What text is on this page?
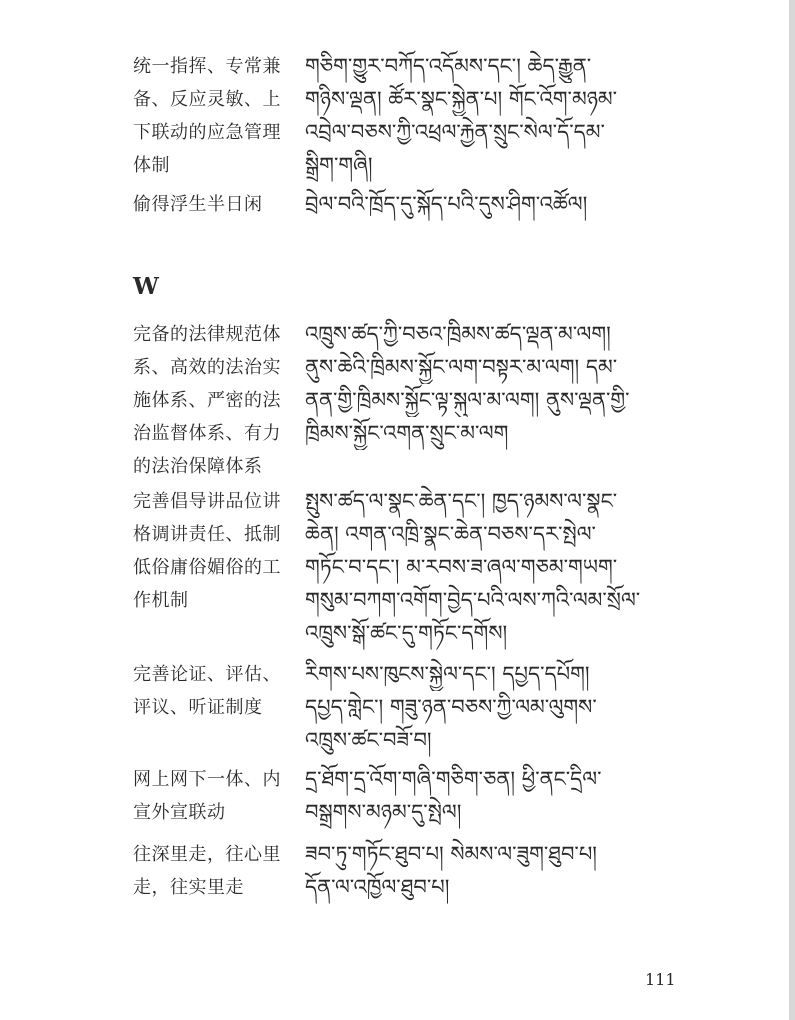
统一指挥、专常兼
备、反应灵敏、上
下联动的应急管理
体制

གཅིག་གྱུར་བཀོད་འདོམས་དང་། ཆེད་རྒྱུན་
གཉིས་ལྡན། ཚོར་སྣང་སྐྱེན་པ། གོང་འོག་མཉམ་
འབྲེལ་བཅས་ཀྱི་འཕྲལ་རྐྱེན་སྲུང་སེལ་དོ་དམ་
སྒྲིག་གཞི།

偷得浮生半日闲	བྲེལ་བའི་ཁྲོད་དུ་སྐོད་པའི་དུས་ཤིག་འཚོལ།

W

完备的法律规范体
系、高效的法治实
施体系、严密的法
治监督体系、有力
的法治保障体系

འཁྲུས་ཚད་ཀྱི་བཅའ་ཁྲིམས་ཚད་ལྡན་མ་ལག།
ནུས་ཆེའི་ཁྲིམས་སྐྱོང་ལག་བསྟར་མ་ལག། དམ་
ནན་གྱི་ཁྲིམས་སྐྱོང་ལྟ་སྐུལ་མ་ལག། ནུས་ལྡན་གྱི་
ཁྲིམས་སྐྱོང་འགན་སྲུང་མ་ལག

完善倡导讲品位讲
格调讲责任、抵制
低俗庸俗媚俗的工
作机制

སྤུས་ཚད་ལ་སྣང་ཆེན་དང་། ཁྱད་ཉམས་ལ་སྣང་
ཆེན། འགན་འཁྲི་སྣང་ཆེན་བཅས་དར་སྤེལ་
གཏོང་བ་དང་། མ་རབས་ཟ་ཞལ་གཅམ་གཡག་
གསུམ་བཀག་འགོག་བྱེད་པའི་ལས་ཀའི་ལམ་སྲོལ་
འཁྲུས་སྒོ་ཚང་དུ་གཏོང་དགོས།

完善论证、评估、
评议、听证制度

རིགས་པས་ཁུངས་སྐྱེལ་དང་། དཔྱད་དཔོག།
དཔྱད་གླེང་། གཟུ་ཉན་བཅས་ཀྱི་ལམ་ལུགས་
འཁྲུས་ཚང་བཟོ་བ།

网上网下一体、内
宣外宣联动

དྲ་ཐོག་དྲ་འོག་གཞི་གཅིག་ཅན། ཕྱི་ནང་དྲིལ་
བསྒྲགས་མཉམ་དུ་སྤེལ།

往深里走，往心里
走，往实里走

ཟབ་ཏུ་གཏོང་ཐུབ་པ། སེམས་ལ་ཟུག་ཐུབ་པ།
དོན་ལ་འཁྱོལ་ཐུབ་པ།

111
